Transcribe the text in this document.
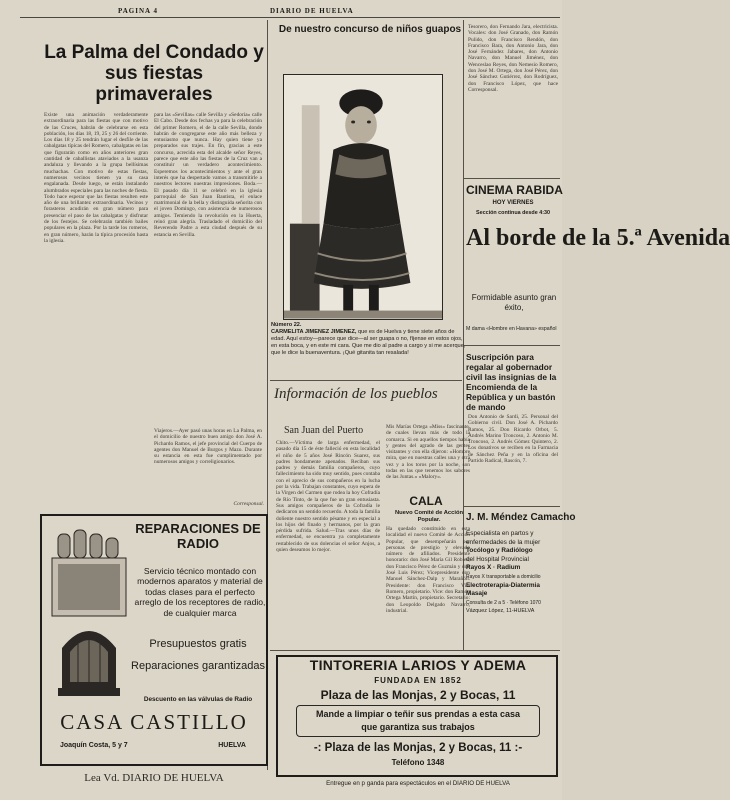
PAGINA 4	DIARIO DE HUELVA
La Palma del Condado y sus fiestas primaverales
Existe una animación verdaderamente extraordinaria para las fiestas que con motivo de las Cruces, habrán de celebrarse en esta población, los días 18, 19, 25 y 26 del corriente. Los días 18 y 25 tendrán lugar el desfile de las cabalgatas típicas del Romero, cabalgatas en las que figurarán como en años anteriores gran cantidad de caballistas ataviados a la usanza andaluza y llevando a la grupa bellísimas muchachas. Con motivo de estas fiestas, numerosos vecinos tienen ya su casa engalanada. Desde luego, se están instalando alumbrados especiales para las noches de fiesta. Todo hace esperar que las fiestas resulten este año de una brillantez extraordinaria. Vecinos y forasteros acudirán en gran número para presenciar el paso de las cabalgatas y disfrutar de los festejos. Se celebrarán también bailes populares en la plaza. Por la tarde los romeros, en gran número, harán la típica procesión hasta la iglesia.
para las «Sevillas» calle Sevilla y «Sedoria» calle El Cabo. Desde dos fechas ya para la celebración del primer Romero, el de la calle Sevilla, donde habrán de congregarse este año más belleza y entusiasmo que nunca. Hay quien tiene ya preparados sus trajes. En fin, gracias a este concurso, acrecida esta del alcalde señor Reyes, parece que este año las fiestas de la Cruz van a constituir un verdadero acontecimiento. Esperemos los acontecimientos y ante el gran interés que ha despertado vamos a transmitirle a nuestros lectores nuestras impresiones. Boda.—El pasado día 11 se celebró en la iglesia parroquial de San Juan Bautista, el enlace matrimonial de la bella y distinguida señorita con el joven Domingo, con asistencia de numerosos amigos. Temiendo la revolución en la Huerta, reinó gran alegría. Trasladado el domicilio del Reverendo Padre a esta ciudad después de su estancia en Sevilla.
Viajeros.—Ayer pasó unas horas en La Palma, en el domicilio de nuestro buen amigo don José A. Pichardo Ramos, el jefe provincial del Cuerpo de agentes don Manuel de Burgos y Mazo. Durante su estancia en esta fue cumplimentado por numerosos amigos y correligionarios.
Corresponsal.
De nuestro concurso de niños guapos
Número 22.
CARMELITA JIMENEZ JIMENEZ, que es de Huelva y tiene siete años de edad. Aquí estoy—parece que dice—al ser guapa o no, fíjense en estos ojos, en esta boca, y en este mi cara. Que me dio al padre a cargo y si me acerque, que le dice la buenaventura. ¡Qué gitanita tan resalada!
Información de los pueblos
San Juan del Puerto
Chito.—Víctima de larga enfermedad, el pasado día 15 de éste falleció en esta localidad el niño de 5 años José Rincón Suarez, sus padres hondamente apenados. Reciban sus padres y demás familia compañeros, cuyo fallecimiento ha sido muy sentido, pues contaba con el aprecio de sus compañeros en la lucha por la vida. Trabajan constantes, cuyo espera de la Virgen del Carmen que rodea la hoy Cofradía de Río Tinto, de la que fue un gran entusiasta. Sus amigos compañeros de la Cofradía le dedicaron un sentido recuerdo. A toda la familia doliente nuestro sentido pésame y en especial a los hijos del finado y hermanos, por la gran pérdida sufrida. Salud.—Tras unos días de enfermedad, se encuentra ya completamente restablecido de sus dolencias el señor Anjos, a quien deseamos lo mejor.
Mis Marías Ortega «Miss» fascinante, de cuales llevan más de todo la comarca. Si en aquellos tiempos había y gentes del agrado de las gentes visitantes y con ella dijeron: «Hombre mira, que en nuestras calles una y otra vez y a los toros por la noche, son todas en las que tenemos los sabores de las Juntas.» «Malory».
CALA
Nuevo Comité de Acción Popular.
Ha quedado constituido en esta localidad el nuevo Comité de Acción Popular, que desempeñarán por personas de prestigio y elevado número de afiliados. Presidente honorario: don José María Gil Robles; don Francisco Pérez de Guzmán y don José Luis Pérez; Vicepresidente don Manuel Sánchez-Dalp y Marañón. Presidente: don Francisco Vila Romero, propietario. Vice: don Ramón Ortega Martín, propietario. Secretario: don Leopoldo Delgado Navarro, industrial.
Tesorero, don Fernando Jara, electricista. Vocales: don José Granado, don Ramón Pulido, don Francisco Rendón, don Francisco Bara, don Antonio Jara, don José Fernández Jabares, don Antonio Navarro, don Manuel Jiménez, don Wenceslao Reyes, don Nemesio Romero, don José M. Ortega, don José Pérez, don José Sánchez Gutiérrez, don Rodríguez, don Francisco López, que hace Corresponsal.
CINEMA RABIDA
HOY VIERNES
Sección continua desde 4:30
Al borde de la 5.ª Avenida
Formidable asunto gran éxito,
M dama «Hombre en Havana» español
Suscripción para regalar al gobernador civil las insignias de la Encomienda de la República y un bastón de mando
Don Antonio de Sardi, 25. Personal del Gobierno civil. Don José A. Pichardo Ramos, 25. Don Ricardo Orbot, 5. Andrés Marino Troncoso, 2. Antonio M. Troncoso, 2. Andrés Gómez Quintero, 2. Los donativos se reciben en la Farmacia de Sánchez Peña y en la oficina del Partido Radical, Rascón, 7.
J. M. Méndez Camacho
Especialista en partos y
enfermedades de la mujer
Tocólogo y Radiólogo
del Hospital Provincial
Rayos X · Radium
Rayos X transportable a domicilio
Electroterapia-Diatermia
Masaje
Consulta de 2 a 5 · Teléfono 1070
Vázquez López, 11-HUELVA
REPARACIONES DE RADIO
Servicio técnico montado con modernos aparatos y material de todas clases para el perfecto arreglo de los receptores de radio, de cualquier marca
Presupuestos gratis
Reparaciones garantizadas
Descuento en las válvulas de Radio
CASA CASTILLO
Joaquín Costa, 5 y 7	HUELVA
Lea Vd. DIARIO DE HUELVA
TINTORERIA LARIOS Y ADEMA
FUNDADA EN 1852
Plaza de las Monjas, 2 y Bocas, 11
Mande a limpiar o teñir sus prendas a esta casa
que garantiza sus trabajos
-: Plaza de las Monjas, 2 y Bocas, 11 :-
Teléfono 1348
Entregue en p ganda para espectáculos en el DIARIO DE HUELVA
